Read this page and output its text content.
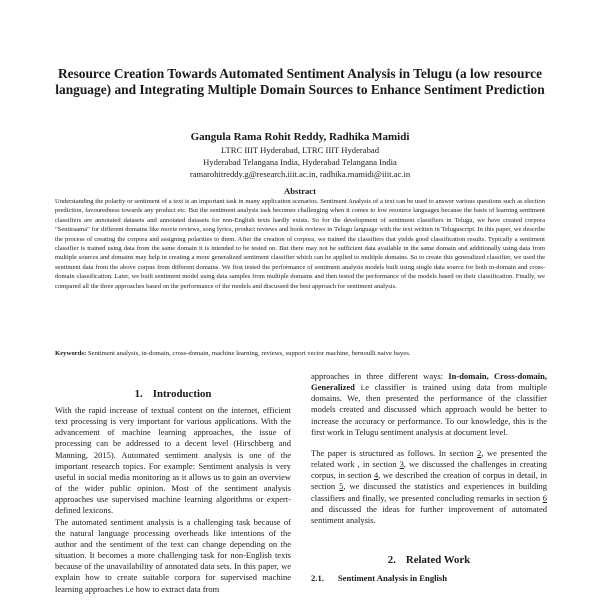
Resource Creation Towards Automated Sentiment Analysis in Telugu (a low resource language) and Integrating Multiple Domain Sources to Enhance Sentiment Prediction
Gangula Rama Rohit Reddy, Radhika Mamidi
LTRC IIIT Hyderabad, LTRC IIIT Hyderabad
Hyderabad Telangana India, Hyderabad Telangana India
ramarohitreddy.g@research.iiit.ac.in, radhika.mamidi@iiit.ac.in
Abstract
Understanding the polarity or sentiment of a text is an important task in many application scenarios. Sentiment Analysis of a text can be used to answer various questions such as election prediction, favouredness towards any product etc. But the sentiment analysis task becomes challenging when it comes to low resource languages because the basis of learning sentiment classifiers are annotated datasets and annotated datasets for non-English texts hardly exists. So for the development of sentiment classifiers in Telugu, we have created corpora "Sentiraama" for different domains like movie reviews, song lyrics, product reviews and book reviews in Telugu language with the text written in Teluguscript. In this paper, we describe the process of creating the corpora and assigning polarities to them. After the creation of corpora, we trained the classifiers that yields good classification results. Typically a sentiment classifier is trained using data from the same domain it is intended to be tested on. But there may not be sufficient data available in the same domain and additionally using data from multiple sources and domains may help in creating a more generalized sentiment classifier which can be applied to multiple domains. So to create this generalized classifier, we used the sentiment data from the above corpus from different domains. We first tested the performance of sentiment analysis models built using single data source for both in-domain and cross-domain classification. Later, we built sentiment model using data samples from multiple domains and then tested the performance of the models based on their classification. Finally, we compared all the three approaches based on the performance of the models and discussed the best approach for sentiment analysis.
Keywords: Sentiment analysis, in-domain, cross-domain, machine learning, reviews, support vector machine, bernoulli naive bayes.
1. Introduction

With the rapid increase of textual content on the internet, efficient text processing is very important for various applications. With the advancement of machine learning approaches, the issue of processing can be addressed to a decent level (Hirschberg and Manning, 2015). Automated sentiment analysis is one of the important research topics. For example: Sentiment analysis is very useful in social media monitoring as it allows us to gain an overview of the wider public opinion. Most of the sentiment analysis approaches use supervised machine learning algorithms or expert-defined lexicons.

The automated sentiment analysis is a challenging task because of the natural language processing overheads like intentions of the author and the sentiment of the text can change depending on the situation. It becomes a more challenging task for non-English texts because of the unavailability of annotated data sets. In this paper, we explain how to create suitable corpora for supervised machine learning approaches i.e how to extract data from

approaches in three different ways: In-domain, Cross-domain, Generalized i.e classifier is trained using data from multiple domains. We, then presented the performance of the classifier models created and discussed which approach would be better to increase the accuracy or performance. To our knowledge, this is the first work in Telugu sentiment analysis at document level.

The paper is structured as follows. In section 2, we presented the related work , in section 3, we discussed the challenges in creating corpus, in section 4, we described the creation of corpus in detail, in section 5, we discussed the statistics and experiences in building classifiers and finally, we presented concluding remarks in section 6 and discussed the ideas for further improvement of automated sentiment analysis.

2. Related Work
2.1. Sentiment Analysis in English
